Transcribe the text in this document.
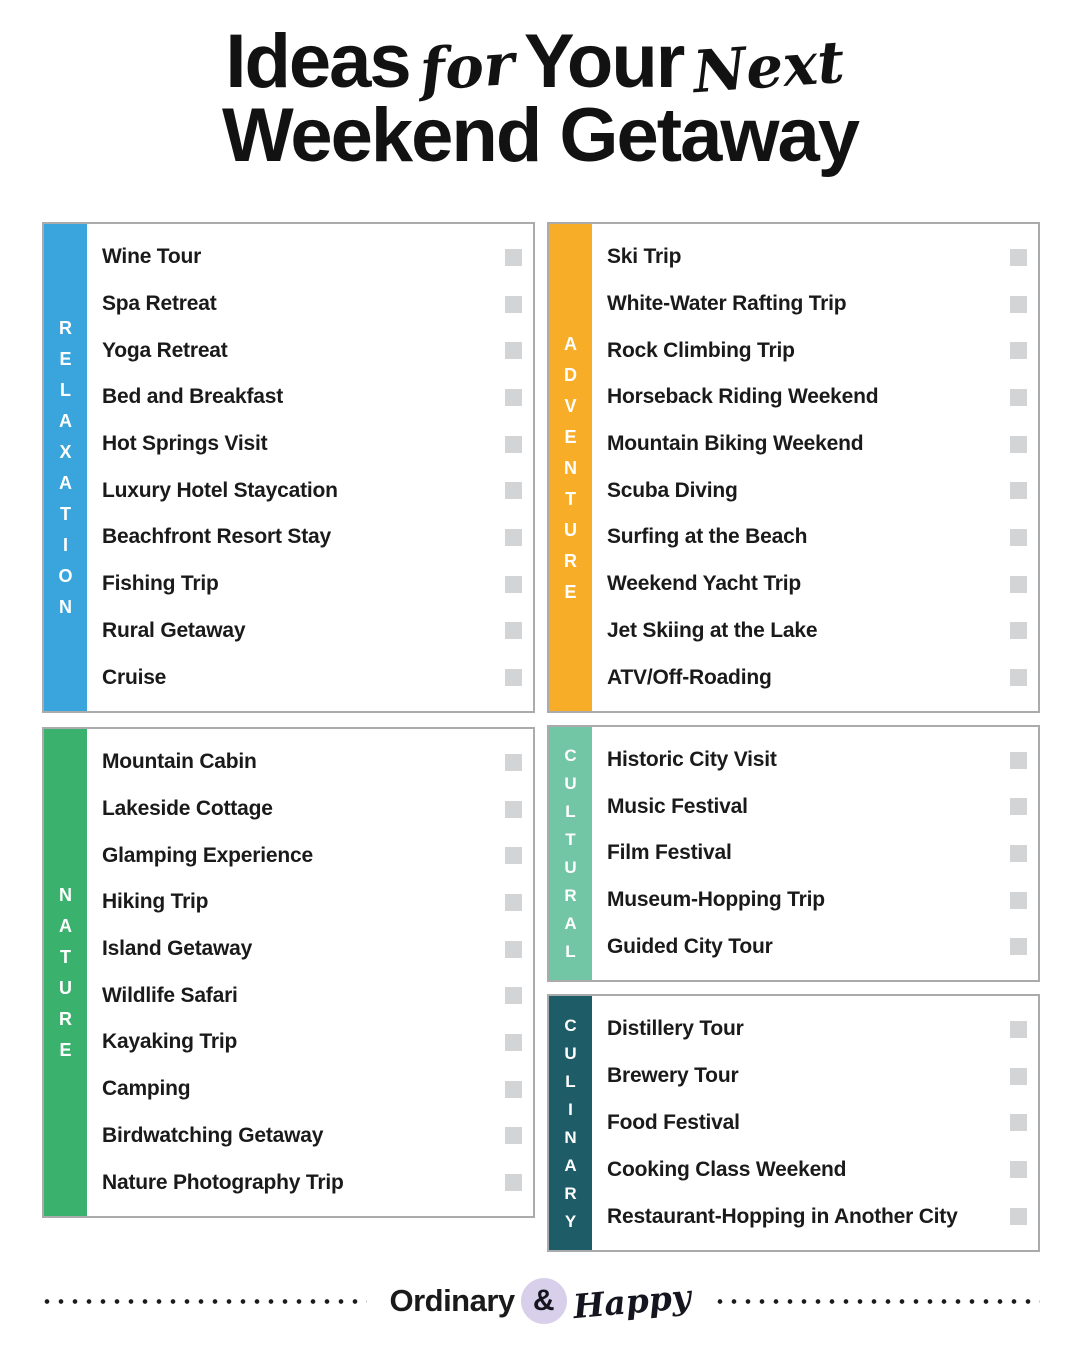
Ideas for Your Next
Weekend Getaway
R
E
L
A
X
A
T
I
O
N
Wine Tour
Spa Retreat
Yoga Retreat
Bed and Breakfast
Hot Springs Visit
Luxury Hotel Staycation
Beachfront Resort Stay
Fishing Trip
Rural Getaway
Cruise
N
A
T
U
R
E
Mountain Cabin
Lakeside Cottage
Glamping Experience
Hiking Trip
Island Getaway
Wildlife Safari
Kayaking Trip
Camping
Birdwatching Getaway
Nature Photography Trip
A
D
V
E
N
T
U
R
E
Ski Trip
White-Water Rafting Trip
Rock Climbing Trip
Horseback Riding Weekend
Mountain Biking Weekend
Scuba Diving
Surfing at the Beach
Weekend Yacht Trip
Jet Skiing at the Lake
ATV/Off-Roading
C
U
L
T
U
R
A
L
Historic City Visit
Music Festival
Film Festival
Museum-Hopping Trip
Guided City Tour
C
U
L
I
N
A
R
Y
Distillery Tour
Brewery Tour
Food Festival
Cooking Class Weekend
Restaurant-Hopping in Another City
Ordinary & Happy
